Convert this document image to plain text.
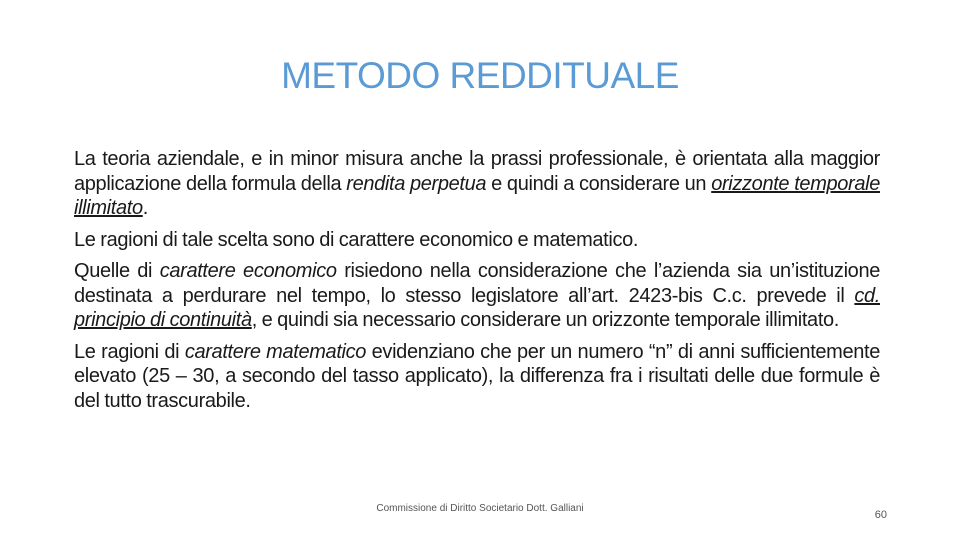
METODO REDDITUALE

La teoria aziendale, e in minor misura anche la prassi professionale, è orientata alla maggior applicazione della formula della rendita perpetua e quindi a considerare un orizzonte temporale illimitato.

Le ragioni di tale scelta sono di carattere economico e matematico.

Quelle di carattere economico risiedono nella considerazione che l’azienda sia un’istituzione destinata a perdurare nel tempo, lo stesso legislatore all’art. 2423-bis C.c. prevede il cd. principio di continuità, e quindi sia necessario considerare un orizzonte temporale illimitato.

Le ragioni di carattere matematico evidenziano che per un numero “n” di anni sufficientemente elevato (25 – 30, a secondo del tasso applicato), la differenza fra i risultati delle due formule è del tutto trascurabile.

Commissione di Diritto Societario Dott. Galliani
60
